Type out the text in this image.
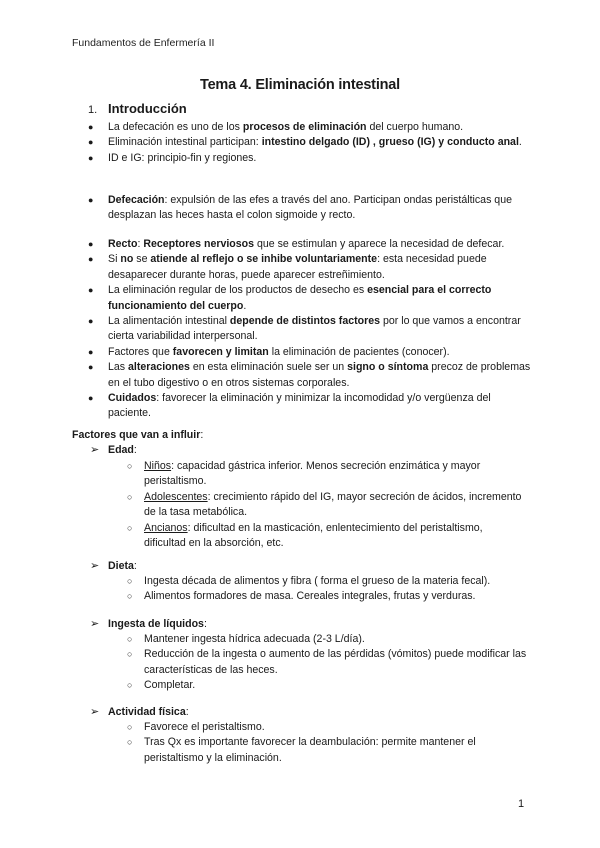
Fundamentos de Enfermería II
Tema 4. Eliminación intestinal
1. Introducción
● La defecación es uno de los procesos de eliminación del cuerpo humano.
● Eliminación intestinal participan: intestino delgado (ID) , grueso (IG) y conducto anal.
● ID e IG: principio-fin y regiones.
● Defecación: expulsión de las efes a través del ano. Participan ondas peristálticas que desplazan las heces hasta el colon sigmoide y recto.
● Recto: Receptores nerviosos que se estimulan y aparece la necesidad de defecar.
● Si no se atiende al reflejo o se inhibe voluntariamente: esta necesidad puede desaparecer durante horas, puede aparecer estreñimiento.
● La eliminación regular de los productos de desecho es esencial para el correcto funcionamiento del cuerpo.
● La alimentación intestinal depende de distintos factores por lo que vamos a encontrar cierta variabilidad interpersonal.
● Factores que favorecen y limitan la eliminación de pacientes (conocer).
● Las alteraciones en esta eliminación suele ser un signo o síntoma precoz de problemas en el tubo digestivo o en otros sistemas corporales.
● Cuidados: favorecer la eliminación y minimizar la incomodidad y/o vergüenza del paciente.
Factores que van a influir:
➢ Edad:
○ Niños: capacidad gástrica inferior. Menos secreción enzimática y mayor peristaltismo.
○ Adolescentes: crecimiento rápido del IG, mayor secreción de ácidos, incremento de la tasa metabólica.
○ Ancianos: dificultad en la masticación, enlentecimiento del peristaltismo, dificultad en la absorción, etc.
➢ Dieta:
○ Ingesta década de alimentos y fibra ( forma el grueso de la materia fecal).
○ Alimentos formadores de masa. Cereales integrales, frutas y verduras.
➢ Ingesta de líquidos:
○ Mantener ingesta hídrica adecuada (2-3 L/día).
○ Reducción de la ingesta o aumento de las pérdidas (vómitos) puede modificar las características de las heces.
○ Completar.
➢ Actividad física:
○ Favorece el peristaltismo.
○ Tras Qx es importante favorecer la deambulación: permite mantener el peristaltismo y la eliminación.
1
